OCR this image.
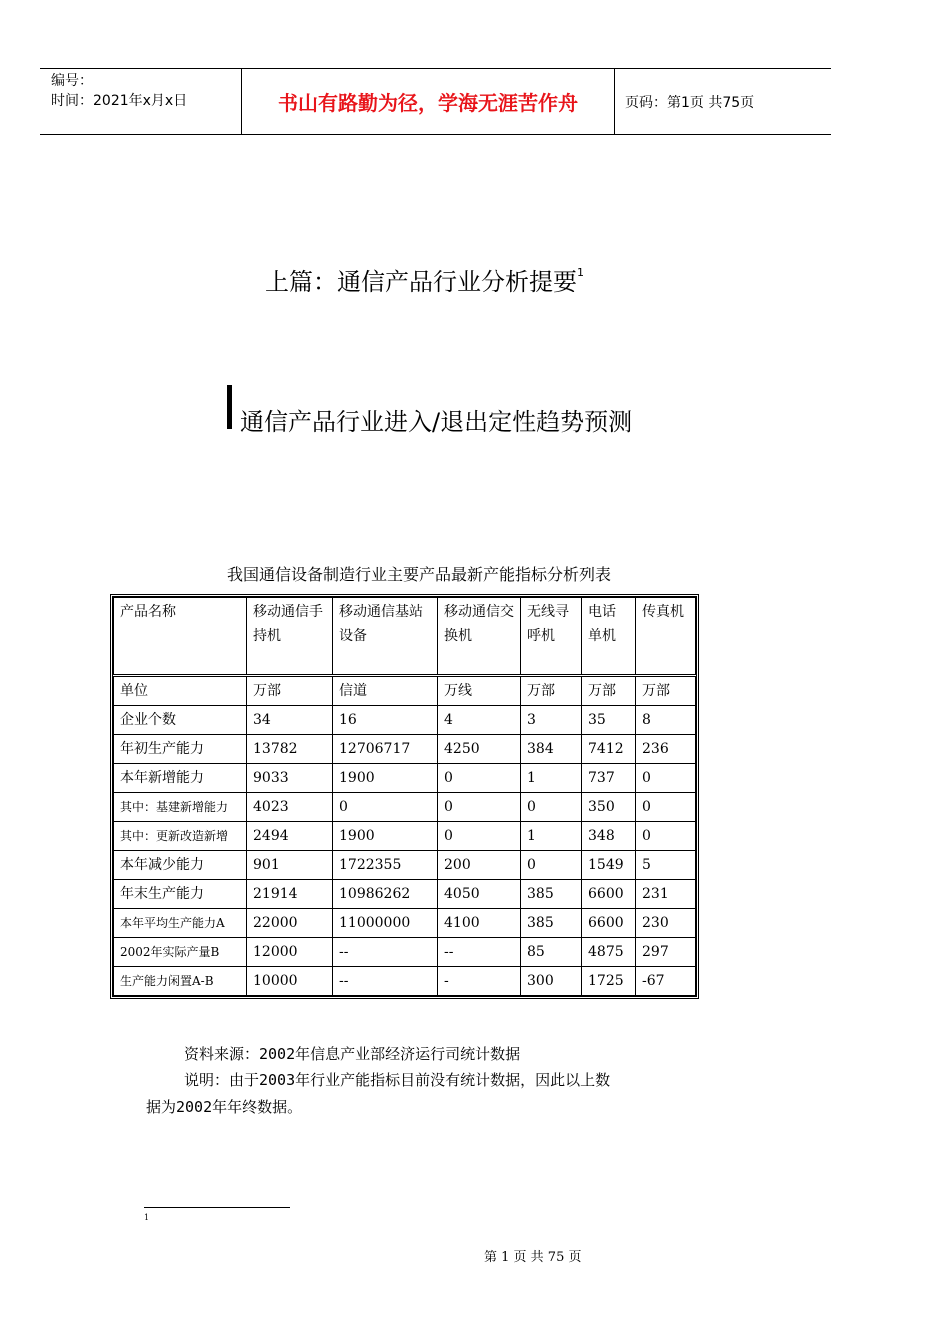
编号：
时间：2021年x月x日	书山有路勤为径，学海无涯苦作舟	页码：第1页 共75页
上篇：通信产品行业分析提要$^1$
通信产品行业进入/退出定性趋势预测
我国通信设备制造行业主要产品最新产能指标分析列表
产品名称	移动通信手持机	移动通信基站设备	移动通信交换机	无线寻呼机	电话单机	传真机
单位	万部	信道	万线	万部	万部	万部
企业个数	34	16	4	3	35	8
年初生产能力	13782	12706717	4250	384	7412	236
本年新增能力	9033	1900	0	1	737	0
其中：基建新增能力	4023	0	0	0	350	0
其中：更新改造新增	2494	1900	0	1	348	0
本年减少能力	901	1722355	200	0	1549	5
年末生产能力	21914	10986262	4050	385	6600	231
本年平均生产能力A	22000	11000000	4100	385	6600	230
2002年实际产量B	12000	--	--	85	4875	297
生产能力闲置A-B	10000	--	-	300	1725	-67
资料来源：2002年信息产业部经济运行司统计数据
说明：由于2003年行业产能指标目前没有统计数据，因此以上数
据为2002年年终数据。
1
第 1 页 共 75 页
